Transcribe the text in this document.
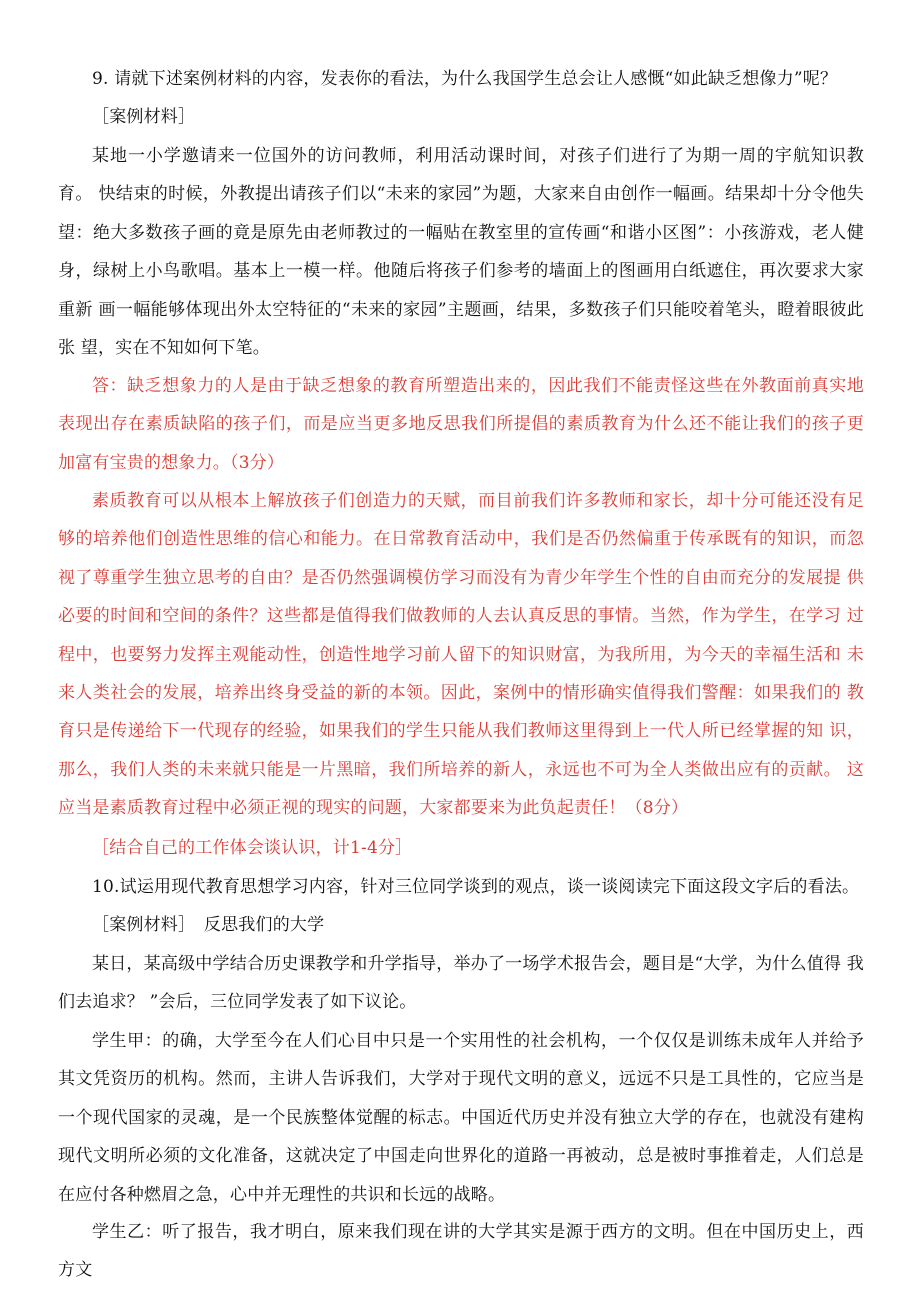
9. 请就下述案例材料的内容，发表你的看法，为什么我国学生总会让人感慨“如此缺乏想像力”呢？

［案例材料］

某地一小学邀请来一位国外的访问教师，利用活动课时间，对孩子们进行了为期一周的宇航知识教育。 快结束的时候，外教提出请孩子们以“未来的家园”为题，大家来自由创作一幅画。结果却十分令他失望：绝大多数孩子画的竟是原先由老师教过的一幅贴在教室里的宣传画“和谐小区图”：小孩游戏，老人健身，绿树上小鸟歌唱。基本上一模一样。他随后将孩子们参考的墙面上的图画用白纸遮住，再次要求大家重新 画一幅能够体现出外太空特征的“未来的家园”主题画，结果，多数孩子们只能咬着笔头，瞪着眼彼此张 望，实在不知如何下笔。

答：缺乏想象力的人是由于缺乏想象的教育所塑造出来的，因此我们不能责怪这些在外教面前真实地 表现出存在素质缺陷的孩子们，而是应当更多地反思我们所提倡的素质教育为什么还不能让我们的孩子更 加富有宝贵的想象力。（3分）

素质教育可以从根本上解放孩子们创造力的天赋，而目前我们许多教师和家长，却十分可能还没有足 够的培养他们创造性思维的信心和能力。在日常教育活动中，我们是否仍然偏重于传承既有的知识，而忽 视了尊重学生独立思考的自由？是否仍然强调模仿学习而没有为青少年学生个性的自由而充分的发展提 供必要的时间和空间的条件？这些都是值得我们做教师的人去认真反思的事情。当然，作为学生，在学习 过程中，也要努力发挥主观能动性，创造性地学习前人留下的知识财富，为我所用，为今天的幸福生活和 未来人类社会的发展，培养出终身受益的新的本领。因此，案例中的情形确实值得我们警醒：如果我们的 教育只是传递给下一代现存的经验，如果我们的学生只能从我们教师这里得到上一代人所已经掌握的知 识，那么，我们人类的未来就只能是一片黑暗，我们所培养的新人，永远也不可为全人类做出应有的贡献。 这应当是素质教育过程中必须正视的现实的问题，大家都要来为此负起责任！（8分）

［结合自己的工作体会谈认识，计1-4分］

10.试运用现代教育思想学习内容，针对三位同学谈到的观点，谈一谈阅读完下面这段文字后的看法。

［案例材料］　反思我们的大学

某日，某高级中学结合历史课教学和升学指导，举办了一场学术报告会，题目是“大学，为什么值得 我们去追求？ ”会后，三位同学发表了如下议论。

学生甲：的确，大学至今在人们心目中只是一个实用性的社会机构，一个仅仅是训练未成年人并给予 其文凭资历的机构。然而，主讲人告诉我们，大学对于现代文明的意义，远远不只是工具性的，它应当是 一个现代国家的灵魂，是一个民族整体觉醒的标志。中国近代历史并没有独立大学的存在，也就没有建构 现代文明所必须的文化准备，这就决定了中国走向世界化的道路一再被动，总是被时事推着走，人们总是 在应付各种燃眉之急，心中并无理性的共识和长远的战略。

学生乙：听了报告，我才明白，原来我们现在讲的大学其实是源于西方的文明。但在中国历史上，西 方文
